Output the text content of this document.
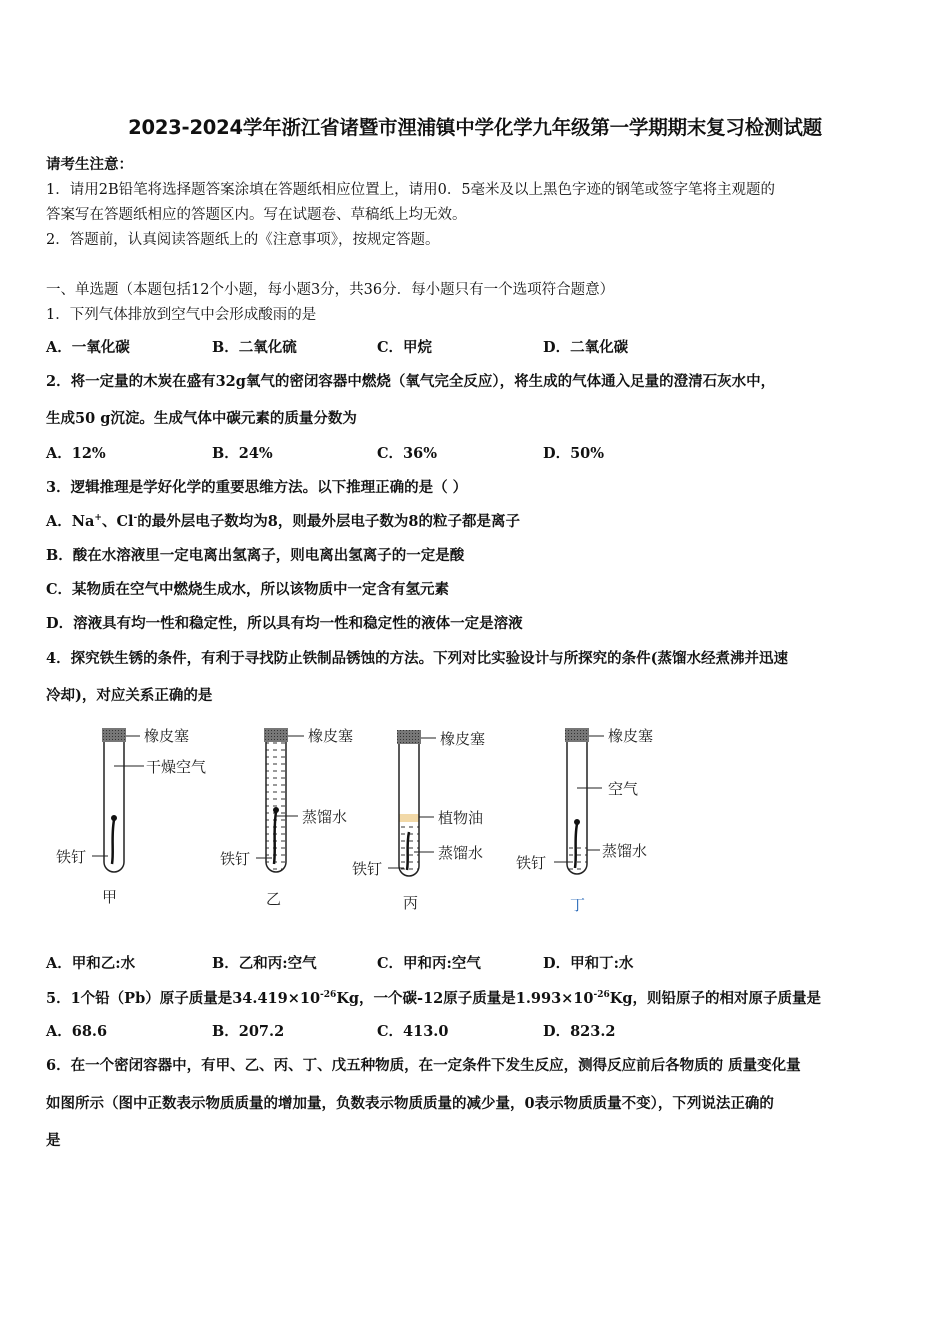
2023-2024学年浙江省诸暨市浬浦镇中学化学九年级第一学期期末复习检测试题
请考生注意：
1．请用2B铅笔将选择题答案涂填在答题纸相应位置上，请用0．5毫米及以上黑色字迹的钢笔或签字笔将主观题的
答案写在答题纸相应的答题区内。写在试题卷、草稿纸上均无效。
2．答题前，认真阅读答题纸上的《注意事项》，按规定答题。
一、单选题（本题包括12个小题，每小题3分，共36分．每小题只有一个选项符合题意）
1．下列气体排放到空气中会形成酸雨的是
A．一氧化碳	B．二氧化硫	C．甲烷	D．二氧化碳
2．将一定量的木炭在盛有32g氧气的密闭容器中燃烧（氧气完全反应），将生成的气体通入足量的澄清石灰水中，
生成50 g沉淀。生成气体中碳元素的质量分数为
A．12%	B．24%	C．36%	D．50%
3．逻辑推理是学好化学的重要思维方法。以下推理正确的是（ ）
A．Na+、Cl-的最外层电子数均为8，则最外层电子数为8的粒子都是离子
B．酸在水溶液里一定电离出氢离子，则电离出氢离子的一定是酸
C．某物质在空气中燃烧生成水，所以该物质中一定含有氢元素
D．溶液具有均一性和稳定性，所以具有均一性和稳定性的液体一定是溶液
4．探究铁生锈的条件，有利于寻找防止铁制品锈蚀的方法。下列对比实验设计与所探究的条件(蒸馏水经煮沸并迅速
冷却)，对应关系正确的是
橡皮塞
干燥空气
铁钉
甲
橡皮塞
蒸馏水
铁钉
乙
橡皮塞
植物油
蒸馏水
铁钉
丙
橡皮塞
空气
蒸馏水
铁钉
丁
A．甲和乙:水	B．乙和丙:空气	C．甲和丙:空气	D．甲和丁:水
5．1个铅（Pb）原子质量是$34.419\times 10^{-26}Kg$，一个碳-12原子质量是$1.993\times 10^{-26}Kg$，则铅原子的相对原子质量是
A．68.6	B．207.2	C．413.0	D．823.2
6．在一个密闭容器中，有甲、乙、丙、丁、戊五种物质，在一定条件下发生反应，测得反应前后各物质的 质量变化量
如图所示（图中正数表示物质质量的增加量，负数表示物质质量的减少量，0表示物质质量不变），下列说法正确的
是
